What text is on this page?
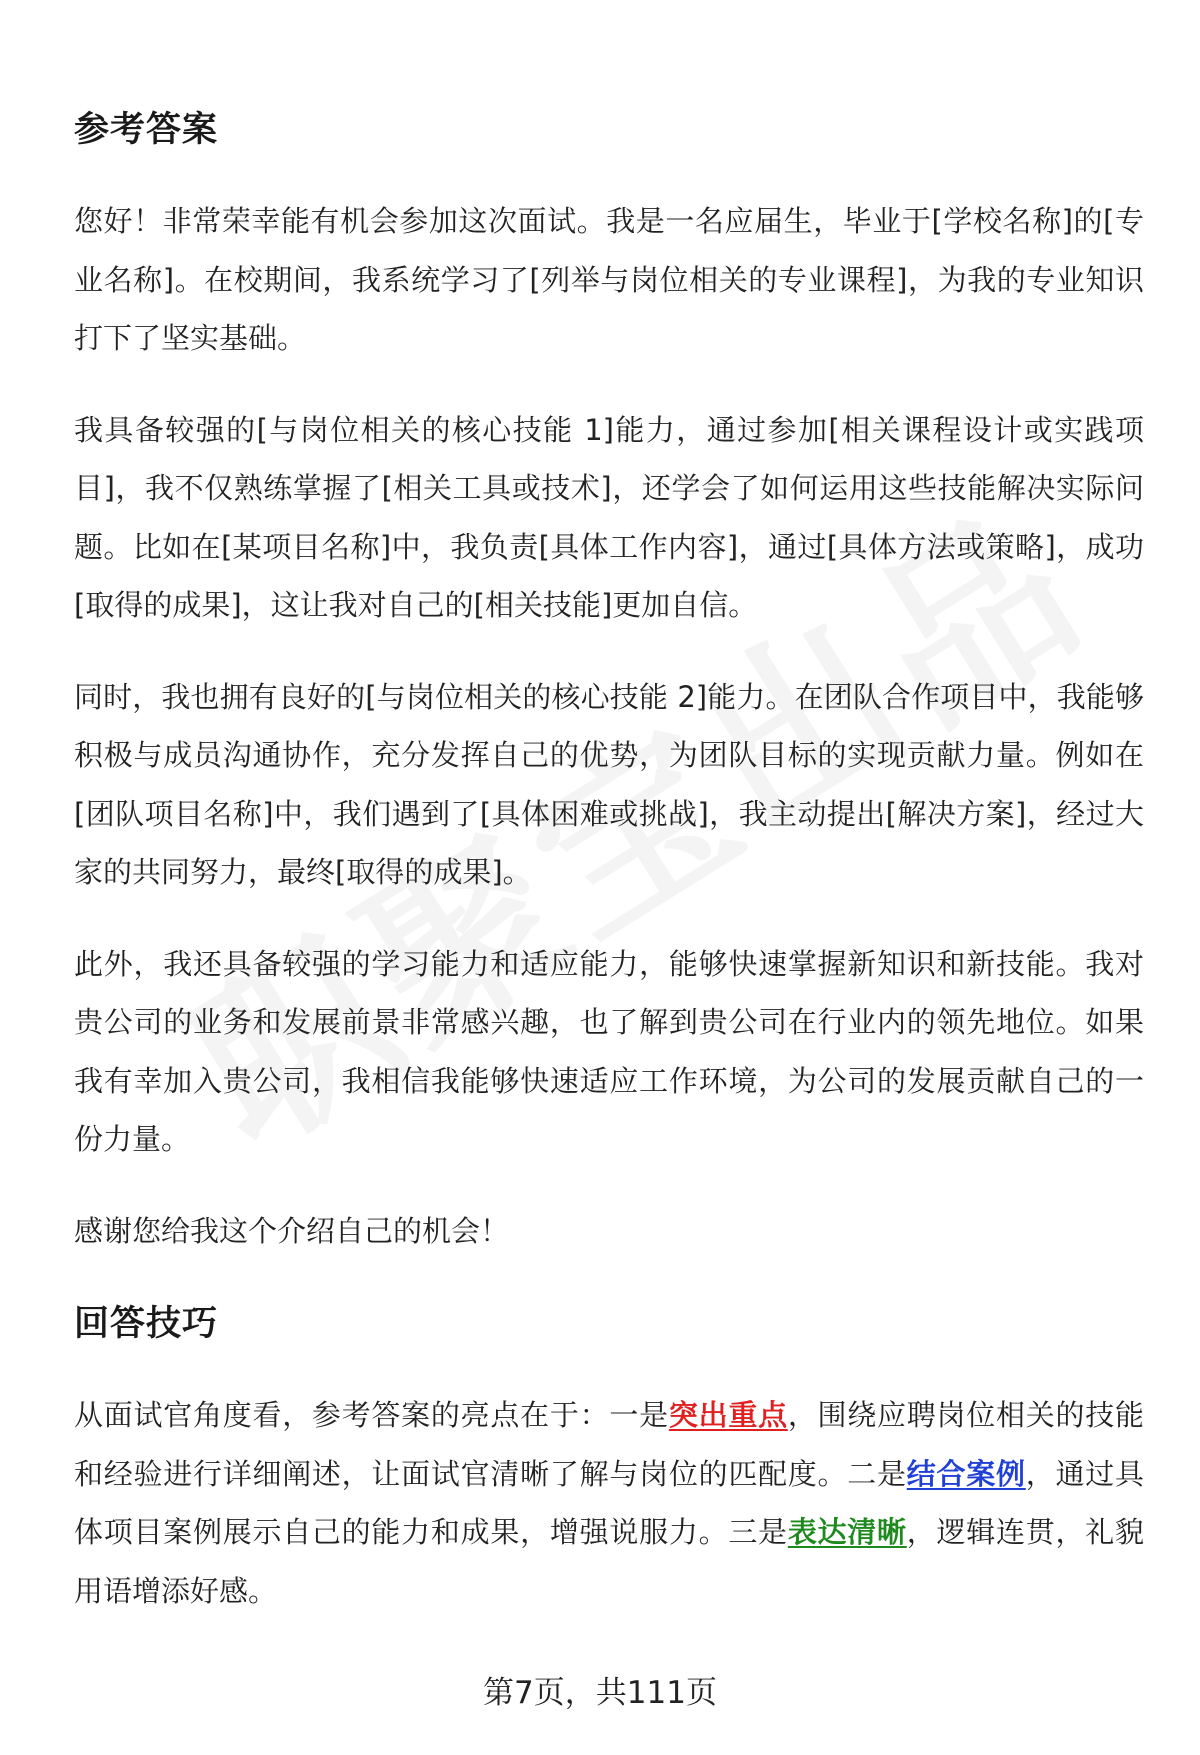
参考答案

您好！非常荣幸能有机会参加这次面试。我是一名应届生，毕业于[学校名称]的[专业名称]。在校期间，我系统学习了[列举与岗位相关的专业课程]，为我的专业知识打下了坚实基础。

我具备较强的[与岗位相关的核心技能 1]能力，通过参加[相关课程设计或实践项目]，我不仅熟练掌握了[相关工具或技术]，还学会了如何运用这些技能解决实际问题。比如在[某项目名称]中，我负责[具体工作内容]，通过[具体方法或策略]，成功[取得的成果]，这让我对自己的[相关技能]更加自信。

同时，我也拥有良好的[与岗位相关的核心技能 2]能力。在团队合作项目中，我能够积极与成员沟通协作，充分发挥自己的优势，为团队目标的实现贡献力量。例如在[团队项目名称]中，我们遇到了[具体困难或挑战]，我主动提出[解决方案]，经过大家的共同努力，最终[取得的成果]。

此外，我还具备较强的学习能力和适应能力，能够快速掌握新知识和新技能。我对贵公司的业务和发展前景非常感兴趣，也了解到贵公司在行业内的领先地位。如果我有幸加入贵公司，我相信我能够快速适应工作环境，为公司的发展贡献自己的一份力量。

感谢您给我这个介绍自己的机会！

回答技巧

从面试官角度看，参考答案的亮点在于：一是突出重点，围绕应聘岗位相关的技能和经验进行详细阐述，让面试官清晰了解与岗位的匹配度。二是结合案例，通过具体项目案例展示自己的能力和成果，增强说服力。三是表达清晰，逻辑连贯，礼貌用语增添好感。

第7页，共111页
